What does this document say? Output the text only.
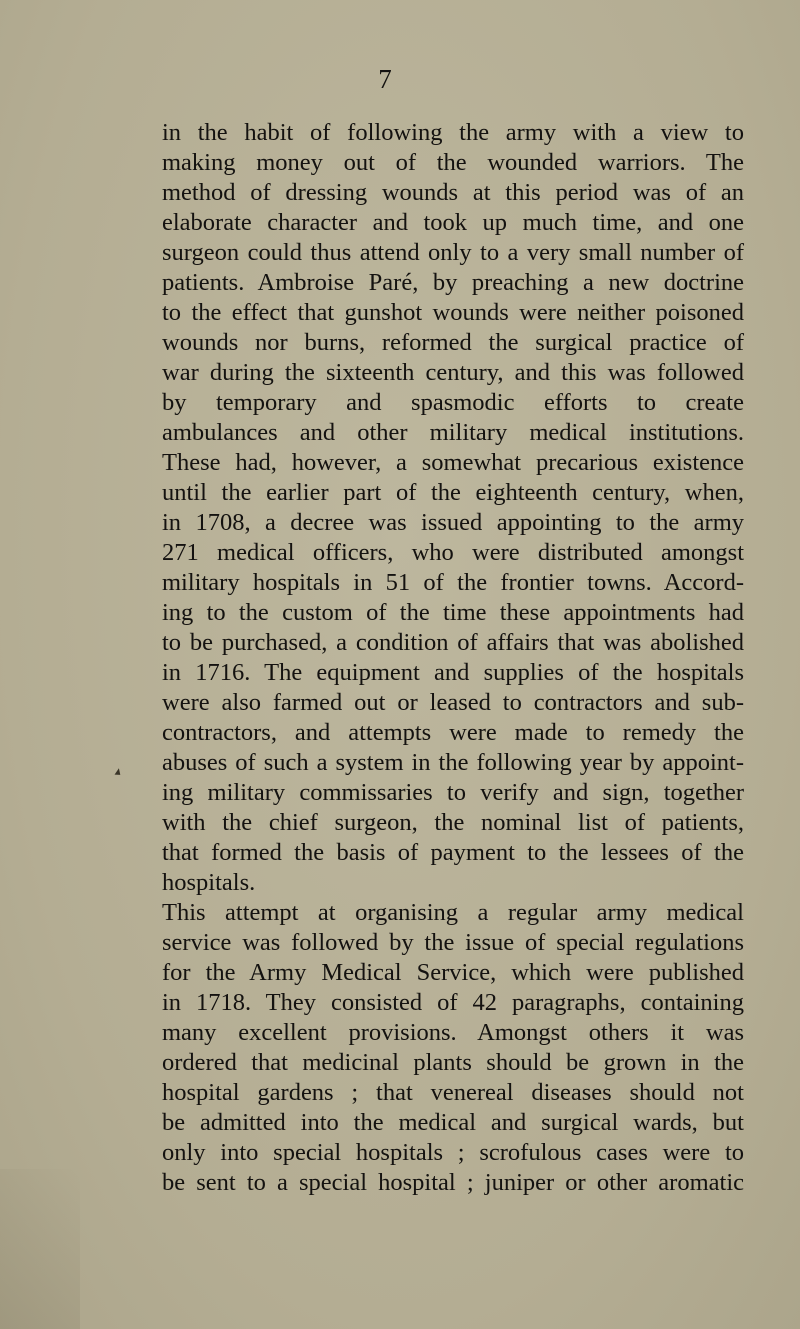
7
in the habit of following the army with a view to
making money out of the wounded warriors. The
method of dressing wounds at this period was of an
elaborate character and took up much time, and one
surgeon could thus attend only to a very small number of
patients. Ambroise Paré, by preaching a new doctrine
to the effect that gunshot wounds were neither poisoned
wounds nor burns, reformed the surgical practice of
war during the sixteenth century, and this was followed
by temporary and spasmodic efforts to create
ambulances and other military medical institutions.
These had, however, a somewhat precarious existence
until the earlier part of the eighteenth century, when,
in 1708, a decree was issued appointing to the army
271 medical officers, who were distributed amongst
military hospitals in 51 of the frontier towns. Accord-
ing to the custom of the time these appointments had
to be purchased, a condition of affairs that was abolished
in 1716. The equipment and supplies of the hospitals
were also farmed out or leased to contractors and sub-
contractors, and attempts were made to remedy the
abuses of such a system in the following year by appoint-
ing military commissaries to verify and sign, together
with the chief surgeon, the nominal list of patients,
that formed the basis of payment to the lessees of the
hospitals.
This attempt at organising a regular army medical
service was followed by the issue of special regulations
for the Army Medical Service, which were published
in 1718. They consisted of 42 paragraphs, containing
many excellent provisions. Amongst others it was
ordered that medicinal plants should be grown in the
hospital gardens ; that venereal diseases should not
be admitted into the medical and surgical wards, but
only into special hospitals ; scrofulous cases were to
be sent to a special hospital ; juniper or other aromatic
